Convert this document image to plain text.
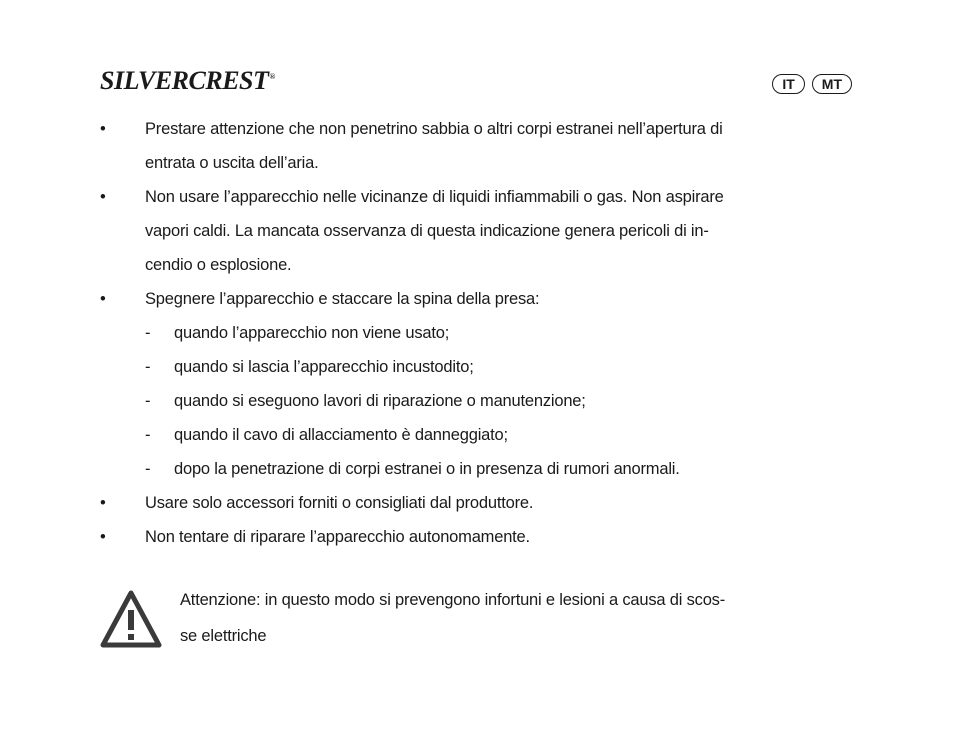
SILVERCREST®	IT	MT
• Prestare attenzione che non penetrino sabbia o altri corpi estranei nell’apertura di
entrata o uscita dell’aria.
• Non usare l’apparecchio nelle vicinanze di liquidi infiammabili o gas. Non aspirare
vapori caldi. La mancata osservanza di questa indicazione genera pericoli di in-
cendio o esplosione.
• Spegnere l’apparecchio e staccare la spina della presa:
- quando l’apparecchio non viene usato;
- quando si lascia l’apparecchio incustodito;
- quando si eseguono lavori di riparazione o manutenzione;
- quando il cavo di allacciamento è danneggiato;
- dopo la penetrazione di corpi estranei o in presenza di rumori anormali.
• Usare solo accessori forniti o consigliati dal produttore.
• Non tentare di riparare l’apparecchio autonomamente.
Attenzione: in questo modo si prevengono infortuni e lesioni a causa di scos-
se elettriche
